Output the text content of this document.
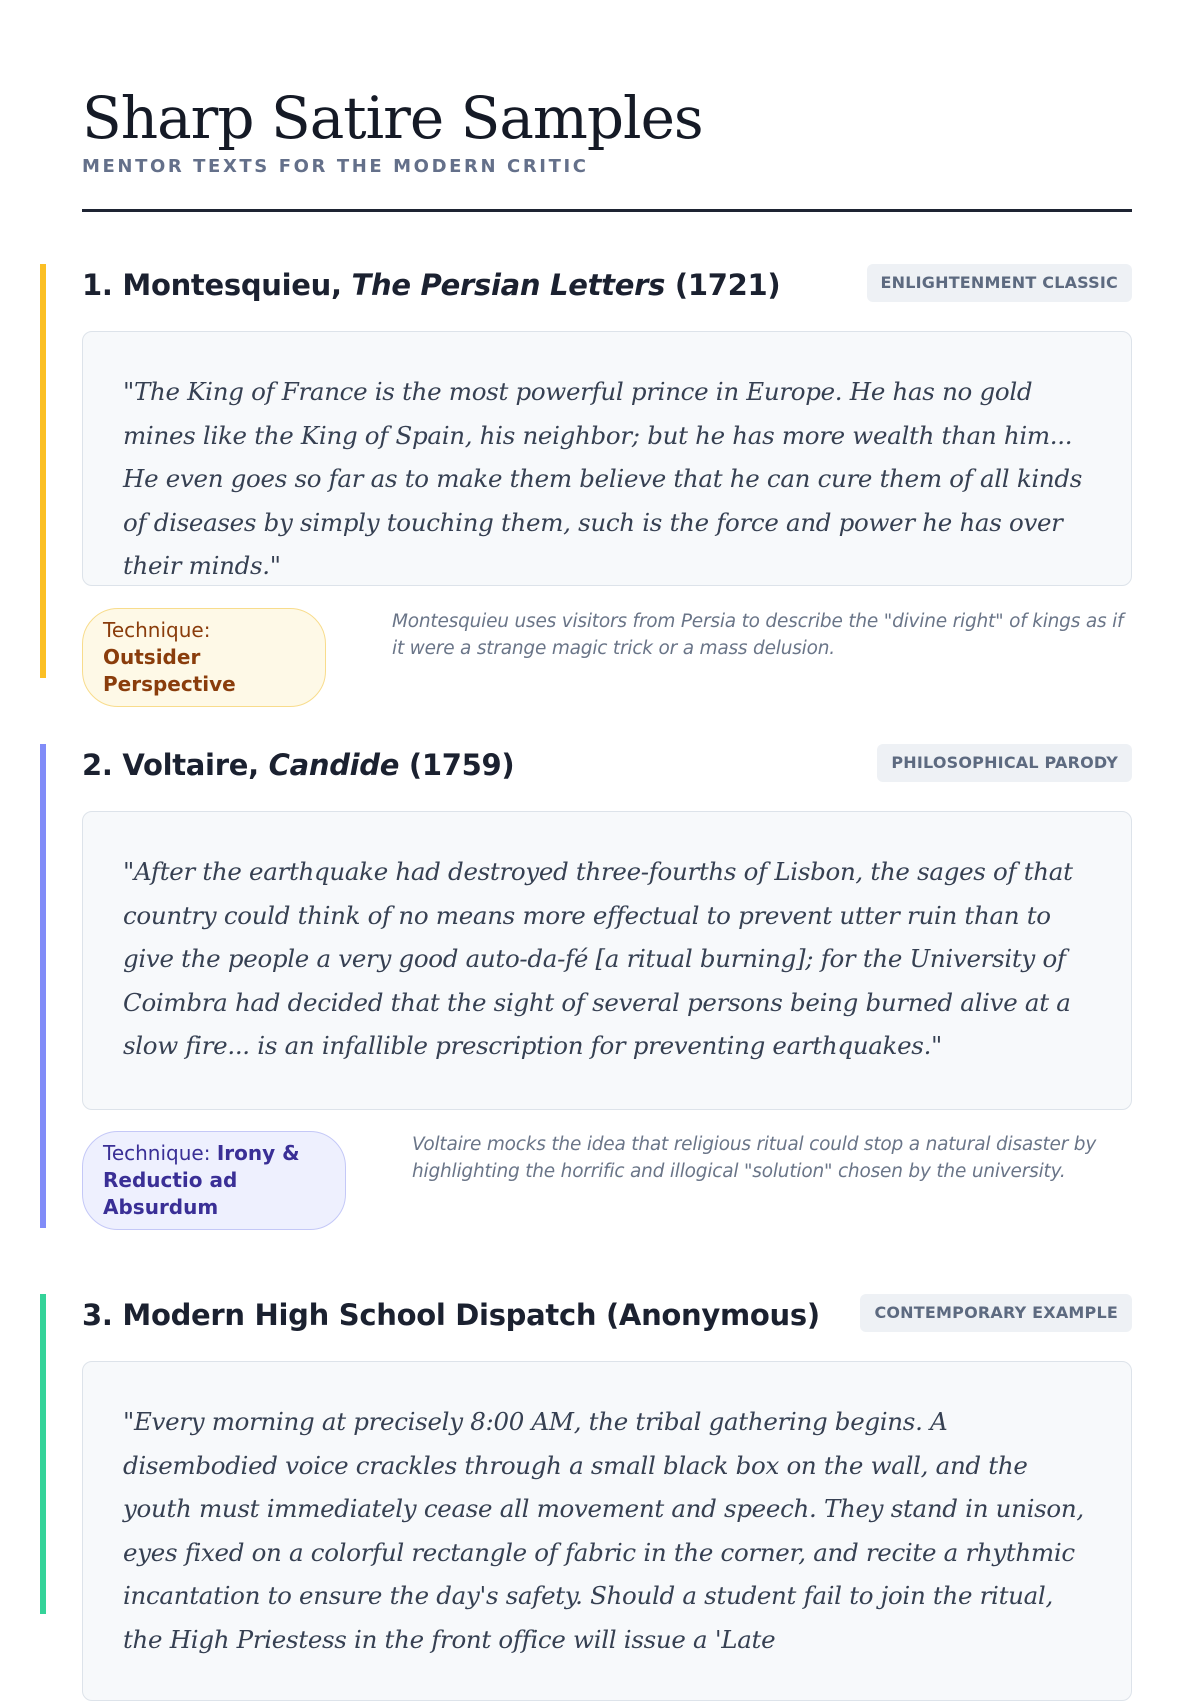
Sharp Satire Samples
MENTOR TEXTS FOR THE MODERN CRITIC
1. Montesquieu, The Persian Letters (1721)	ENLIGHTENMENT CLASSIC

"The King of France is the most powerful prince in Europe. He has no gold mines like the King of Spain, his neighbor; but he has more wealth than him... He even goes so far as to make them believe that he can cure them of all kinds of diseases by simply touching them, such is the force and power he has over their minds."

Technique: Outsider Perspective

Montesquieu uses visitors from Persia to describe the "divine right" of kings as if it were a strange magic trick or a mass delusion.

2. Voltaire, Candide (1759)	PHILOSOPHICAL PARODY

"After the earthquake had destroyed three-fourths of Lisbon, the sages of that country could think of no means more effectual to prevent utter ruin than to give the people a very good auto-da-fé [a ritual burning]; for the University of Coimbra had decided that the sight of several persons being burned alive at a slow fire... is an infallible prescription for preventing earthquakes."

Technique: Irony & Reductio ad Absurdum

Voltaire mocks the idea that religious ritual could stop a natural disaster by highlighting the horrific and illogical "solution" chosen by the university.

3. Modern High School Dispatch (Anonymous)	CONTEMPORARY EXAMPLE

"Every morning at precisely 8:00 AM, the tribal gathering begins. A disembodied voice crackles through a small black box on the wall, and the youth must immediately cease all movement and speech. They stand in unison, eyes fixed on a colorful rectangle of fabric in the corner, and recite a rhythmic incantation to ensure the day's safety. Should a student fail to join the ritual, the High Priestess in the front office will issue a 'Late
